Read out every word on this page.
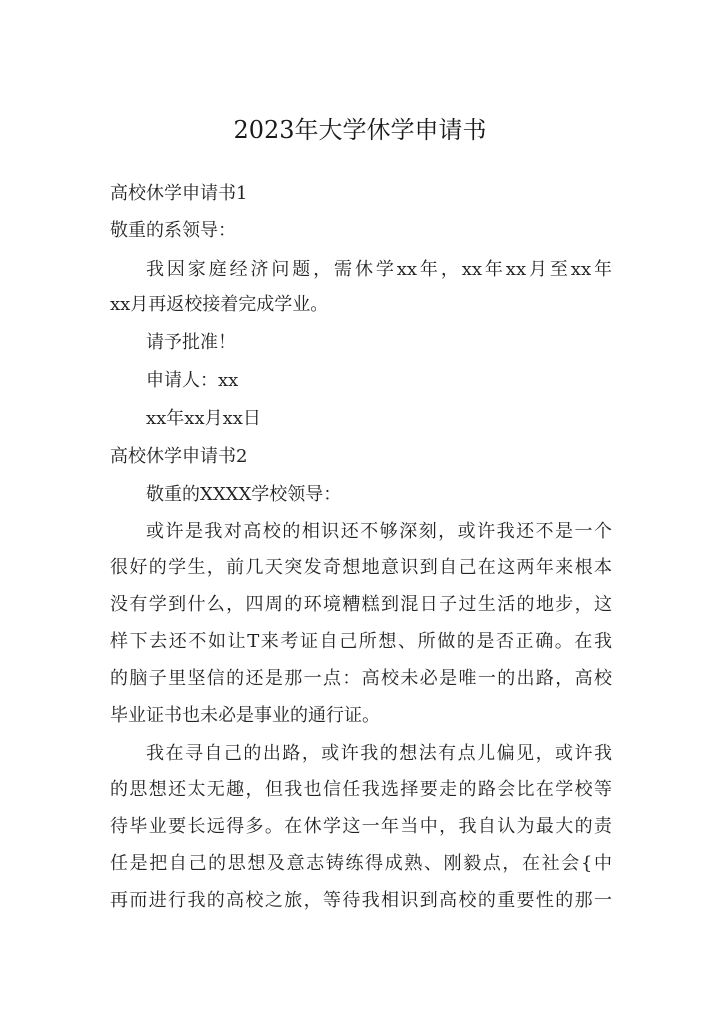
2023年大学休学申请书
高校休学申请书1
敬重的系领导：
我因家庭经济问题，需休学xx年，xx年xx月至xx年
xx月再返校接着完成学业。
请予批准！
申请人：xx
xx年xx月xx日
高校休学申请书2
敬重的XXXX学校领导：
或许是我对高校的相识还不够深刻，或许我还不是一个
很好的学生，前几天突发奇想地意识到自己在这两年来根本
没有学到什么，四周的环境糟糕到混日子过生活的地步，这
样下去还不如让T来考证自己所想、所做的是否正确。在我
的脑子里坚信的还是那一点：高校未必是唯一的出路，高校
毕业证书也未必是事业的通行证。
我在寻自己的出路，或许我的想法有点儿偏见，或许我
的思想还太无趣，但我也信任我选择要走的路会比在学校等
待毕业要长远得多。在休学这一年当中，我自认为最大的责
任是把自己的思想及意志铸练得成熟、刚毅点，在社会{中
再而进行我的高校之旅，等待我相识到高校的重要性的那一
